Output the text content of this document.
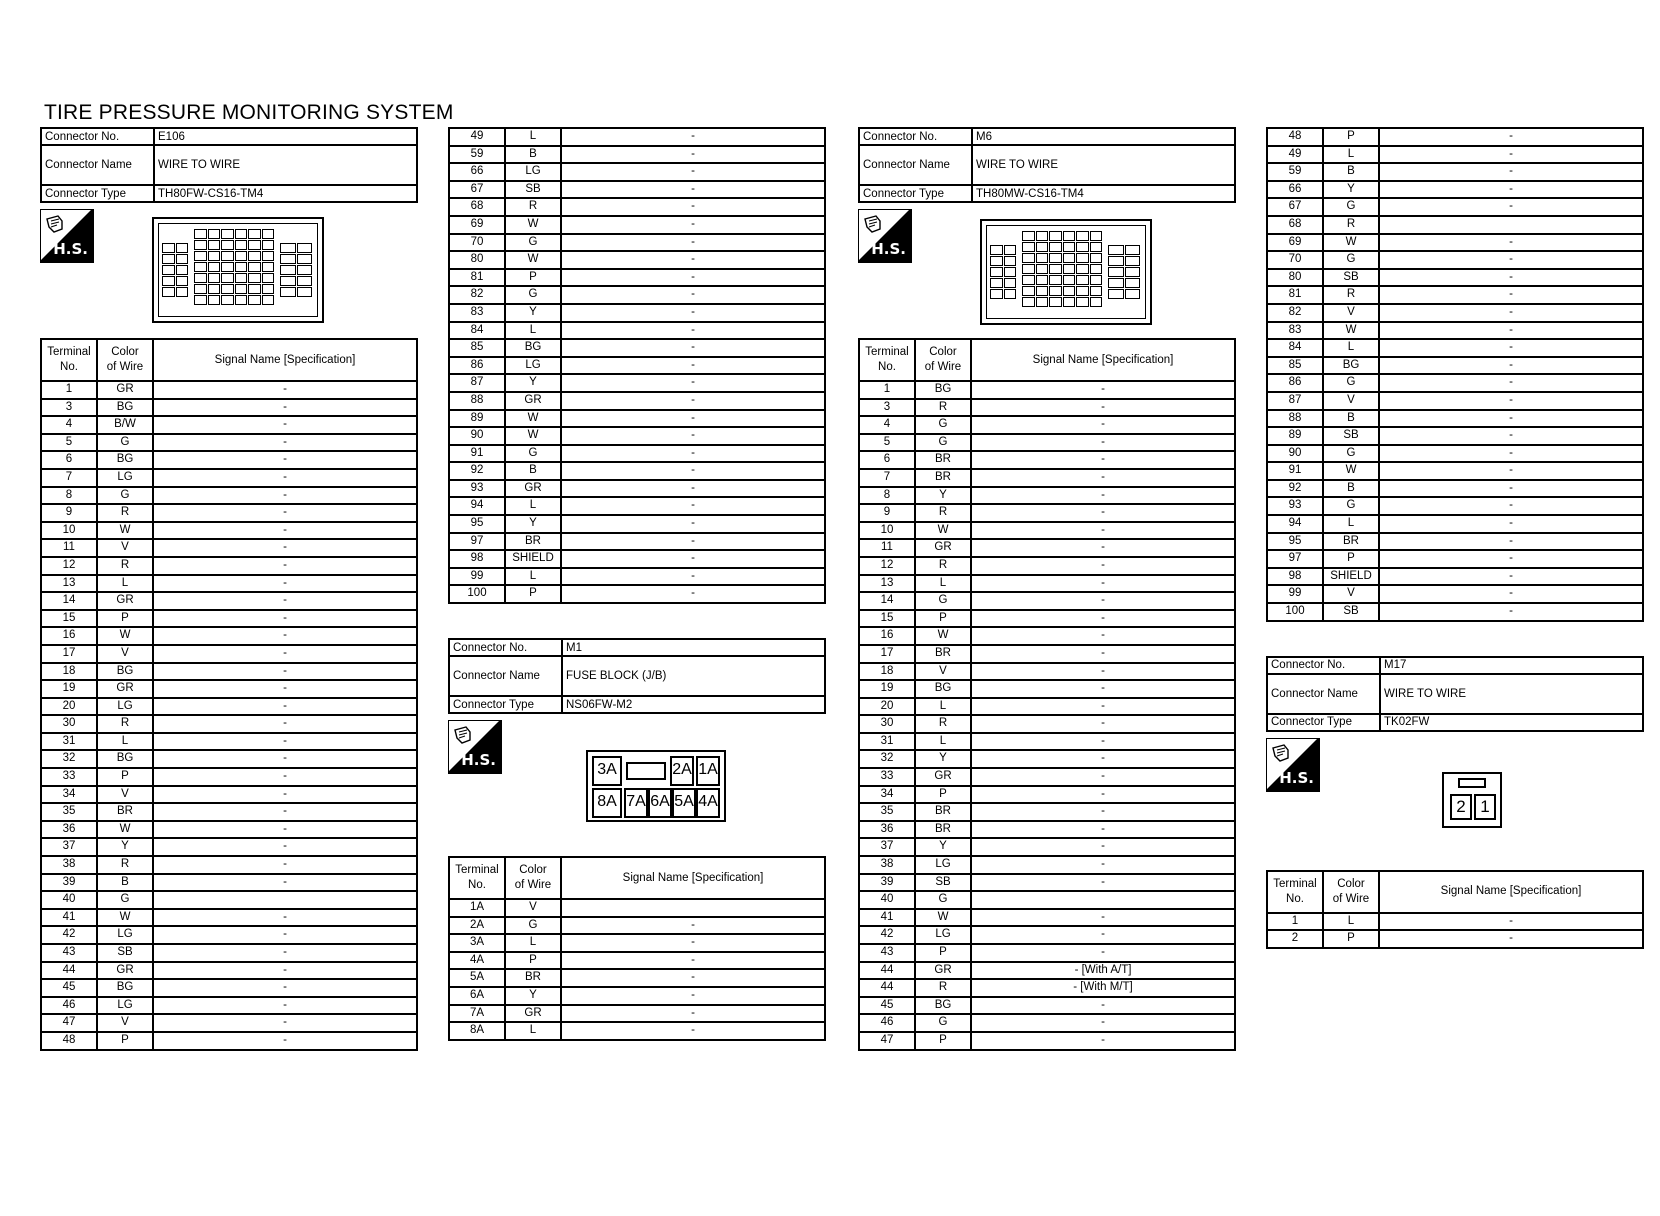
TIRE PRESSURE MONITORING SYSTEM
Connector No.	E106
Connector Name	WIRE TO WIRE
Connector Type	TH80FW-CS16-TM4
H.S.
Terminal
No.	Color
of Wire	Signal Name [Specification]
1	GR	-
3	BG	-
4	B/W	-
5	G	-
6	BG	-
7	LG	-
8	G	-
9	R	-
10	W	-
11	V	-
12	R	-
13	L	-
14	GR	-
15	P	-
16	W	-
17	V	-
18	BG	-
19	GR	-
20	LG	-
30	R	-
31	L	-
32	BG	-
33	P	-
34	V	-
35	BR	-
36	W	-
37	Y	-
38	R	-
39	B	-
40	G	
41	W	-
42	LG	-
43	SB	-
44	GR	-
45	BG	-
46	LG	-
47	V	-
48	P	-
49	L	-
59	B	-
66	LG	-
67	SB	-
68	R	-
69	W	-
70	G	-
80	W	-
81	P	-
82	G	-
83	Y	-
84	L	-
85	BG	-
86	LG	-
87	Y	-
88	GR	-
89	W	-
90	W	-
91	G	-
92	B	-
93	GR	-
94	L	-
95	Y	-
97	BR	-
98	SHIELD	-
99	L	-
100	P	-
Connector No.	M1
Connector Name	FUSE BLOCK (J/B)
Connector Type	NS06FW-M2
H.S.
3A	2A 1A
8A 7A 6A 5A 4A
Terminal
No.	Color
of Wire	Signal Name [Specification]
1A	V	
2A	G	-
3A	L	-
4A	P	-
5A	BR	-
6A	Y	-
7A	GR	-
8A	L	-
Connector No.	M6
Connector Name	WIRE TO WIRE
Connector Type	TH80MW-CS16-TM4
H.S.
Terminal
No.	Color
of Wire	Signal Name [Specification]
1	BG	-
3	R	-
4	G	-
5	G	-
6	BR	-
7	BR	-
8	Y	-
9	R	-
10	W	-
11	GR	-
12	R	-
13	L	-
14	G	-
15	P	-
16	W	-
17	BR	-
18	V	-
19	BG	-
20	L	-
30	R	-
31	L	-
32	Y	-
33	GR	-
34	P	-
35	BR	-
36	BR	-
37	Y	-
38	LG	-
39	SB	-
40	G	
41	W	-
42	LG	-
43	P	-
44	GR	- [With A/T]
44	R	- [With M/T]
45	BG	-
46	G	-
47	P	-
48	P	-
49	L	-
59	B	-
66	Y	-
67	G	-
68	R	
69	W	-
70	G	-
80	SB	-
81	R	-
82	V	-
83	W	-
84	L	-
85	BG	-
86	G	-
87	V	-
88	B	-
89	SB	-
90	G	-
91	W	-
92	B	-
93	G	-
94	L	-
95	BR	-
97	P	-
98	SHIELD	-
99	V	-
100	SB	-
Connector No.	M17
Connector Name	WIRE TO WIRE
Connector Type	TK02FW
H.S.
2 1
Terminal
No.	Color
of Wire	Signal Name [Specification]
1	L	-
2	P	-
